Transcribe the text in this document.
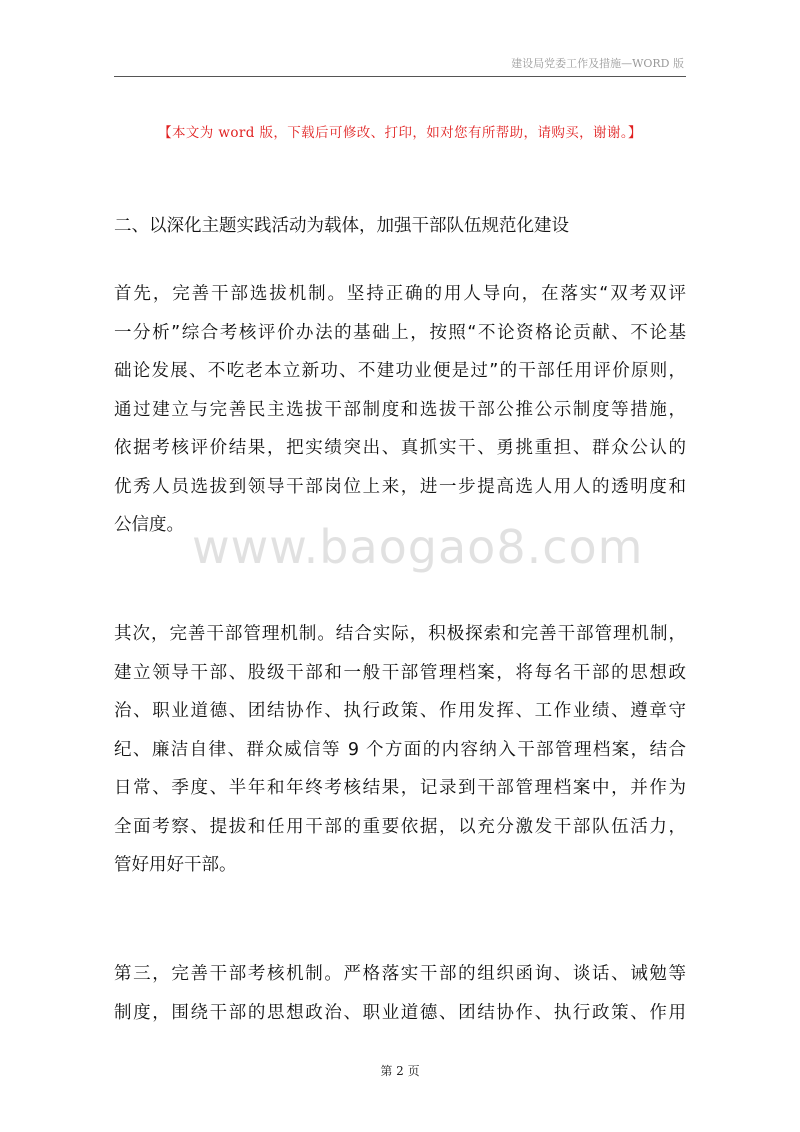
建设局党委工作及措施—WORD 版
【本文为 word 版，下载后可修改、打印，如对您有所帮助，请购买，谢谢。】
二、以深化主题实践活动为载体，加强干部队伍规范化建设
首先，完善干部选拔机制。坚持正确的用人导向，在落实“双考双评
一分析”综合考核评价办法的基础上，按照“不论资格论贡献、不论基
础论发展、不吃老本立新功、不建功业便是过”的干部任用评价原则，
通过建立与完善民主选拔干部制度和选拔干部公推公示制度等措施，
依据考核评价结果，把实绩突出、真抓实干、勇挑重担、群众公认的
优秀人员选拔到领导干部岗位上来，进一步提高选人用人的透明度和
公信度。 www.baogao8.com
其次，完善干部管理机制。结合实际，积极探索和完善干部管理机制，
建立领导干部、股级干部和一般干部管理档案，将每名干部的思想政
治、职业道德、团结协作、执行政策、作用发挥、工作业绩、遵章守
纪、廉洁自律、群众威信等 9 个方面的内容纳入干部管理档案，结合
日常、季度、半年和年终考核结果，记录到干部管理档案中，并作为
全面考察、提拔和任用干部的重要依据，以充分激发干部队伍活力，
管好用好干部。
第三，完善干部考核机制。严格落实干部的组织函询、谈话、诫勉等
制度，围绕干部的思想政治、职业道德、团结协作、执行政策、作用
第 2 页
